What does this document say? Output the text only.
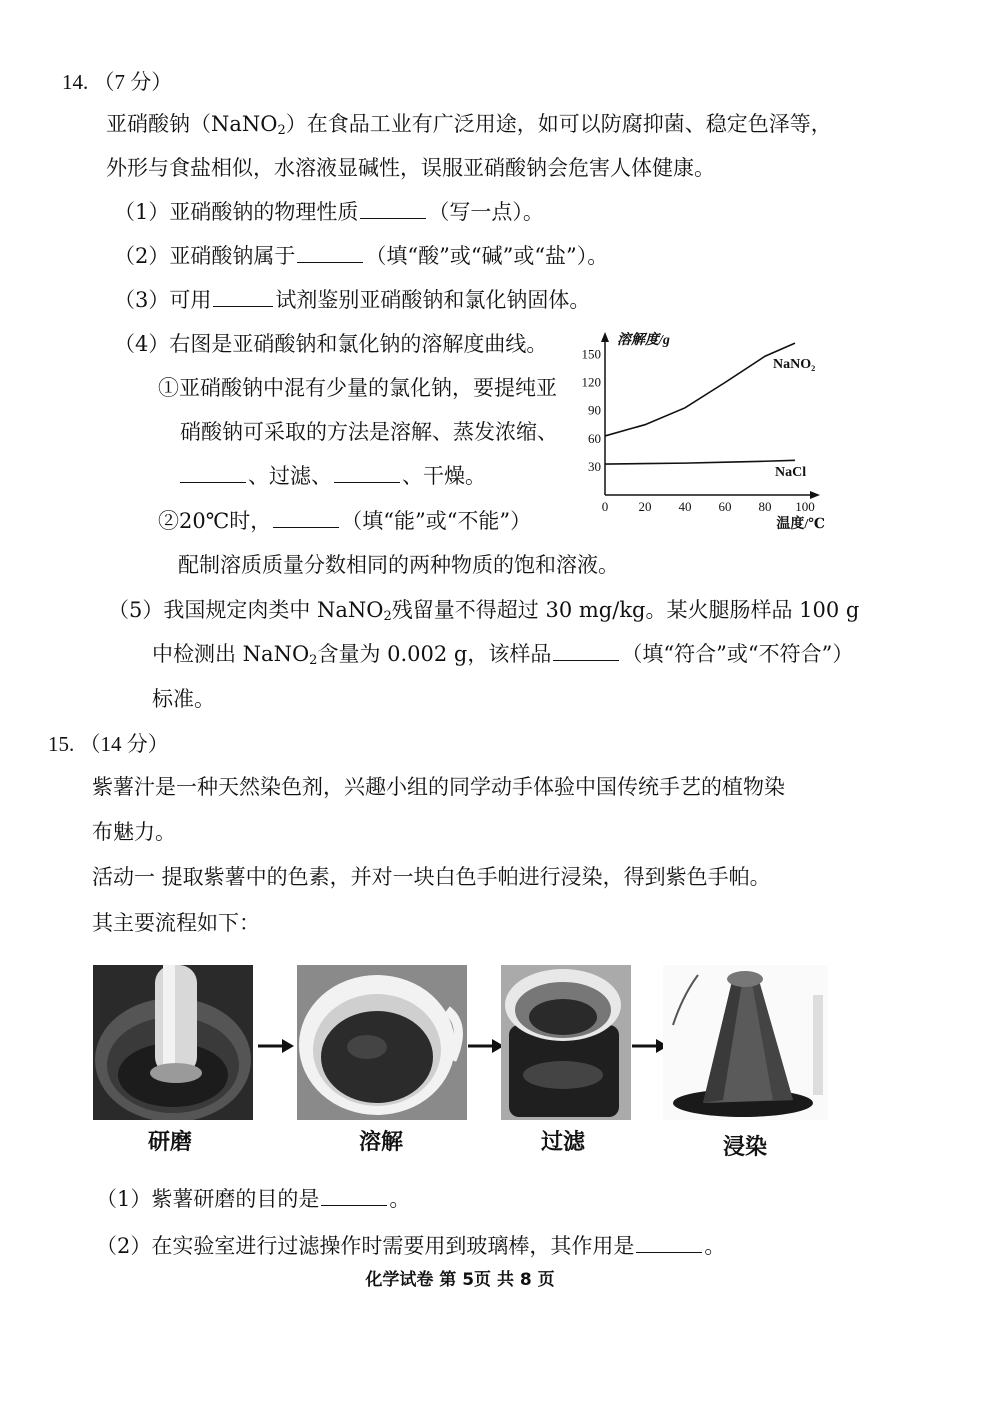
14. （7 分）
亚硝酸钠（NaNO$_2$）在食品工业有广泛用途，如可以防腐抑菌、稳定色泽等，
外形与食盐相似，水溶液显碱性，误服亚硝酸钠会危害人体健康。
（1）亚硝酸钠的物理性质	（写一点）。
（2）亚硝酸钠属于	（填“酸”或“碱”或“盐”）。
（3）可用	试剂鉴别亚硝酸钠和氯化钠固体。
（4）右图是亚硝酸钠和氯化钠的溶解度曲线。
①亚硝酸钠中混有少量的氯化钠，要提纯亚
硝酸钠可采取的方法是溶解、蒸发浓缩、
、过滤、	、干燥。
②20℃时，	（填“能”或“不能”）
配制溶质质量分数相同的两种物质的饱和溶液。
0 20 40 60 80 100
30
60
90
120
150
溶解度/g
温度/℃
NaNO₂
NaCl
（5）我国规定肉类中 NaNO$_2$残留量不得超过 30 mg/kg。某火腿肠样品 100 g
中检测出 NaNO$_2$含量为 0.002 g，该样品	（填“符合”或“不符合”）
标准。
15. （14 分）
紫薯汁是一种天然染色剂，兴趣小组的同学动手体验中国传统手艺的植物染
布魅力。
活动一 提取紫薯中的色素，并对一块白色手帕进行浸染，得到紫色手帕。
其主要流程如下：
研磨	溶解	过滤	浸染
（1）紫薯研磨的目的是	。
（2）在实验室进行过滤操作时需要用到玻璃棒，其作用是	。
化学试卷 第 5页 共 8 页
